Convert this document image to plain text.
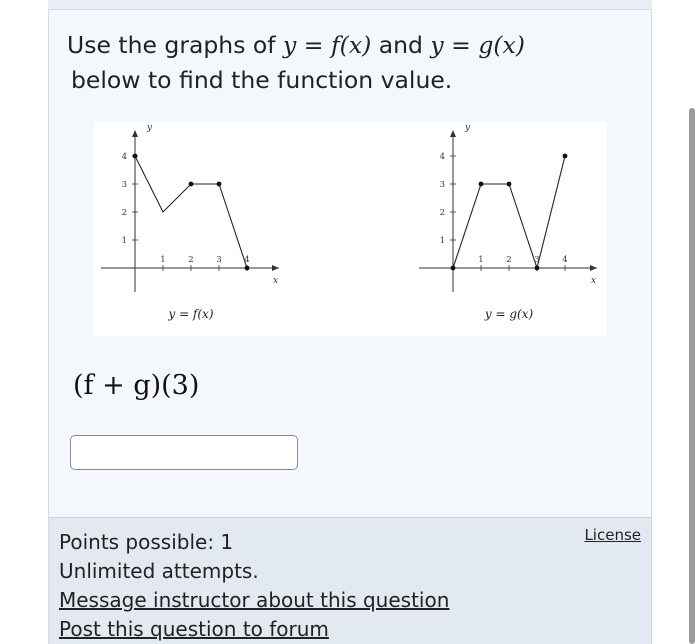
Use the graphs of y = f(x) and y = g(x)
below to find the function value.
1	2	3	4
1
2
3
4
y
x
y = f(x)
1	2	3	4
1
2
3
4
y
x
y = g(x)
(f + g)(3)
Points possible: 1
Unlimited attempts.
Message instructor about this question
Post this question to forum
License
